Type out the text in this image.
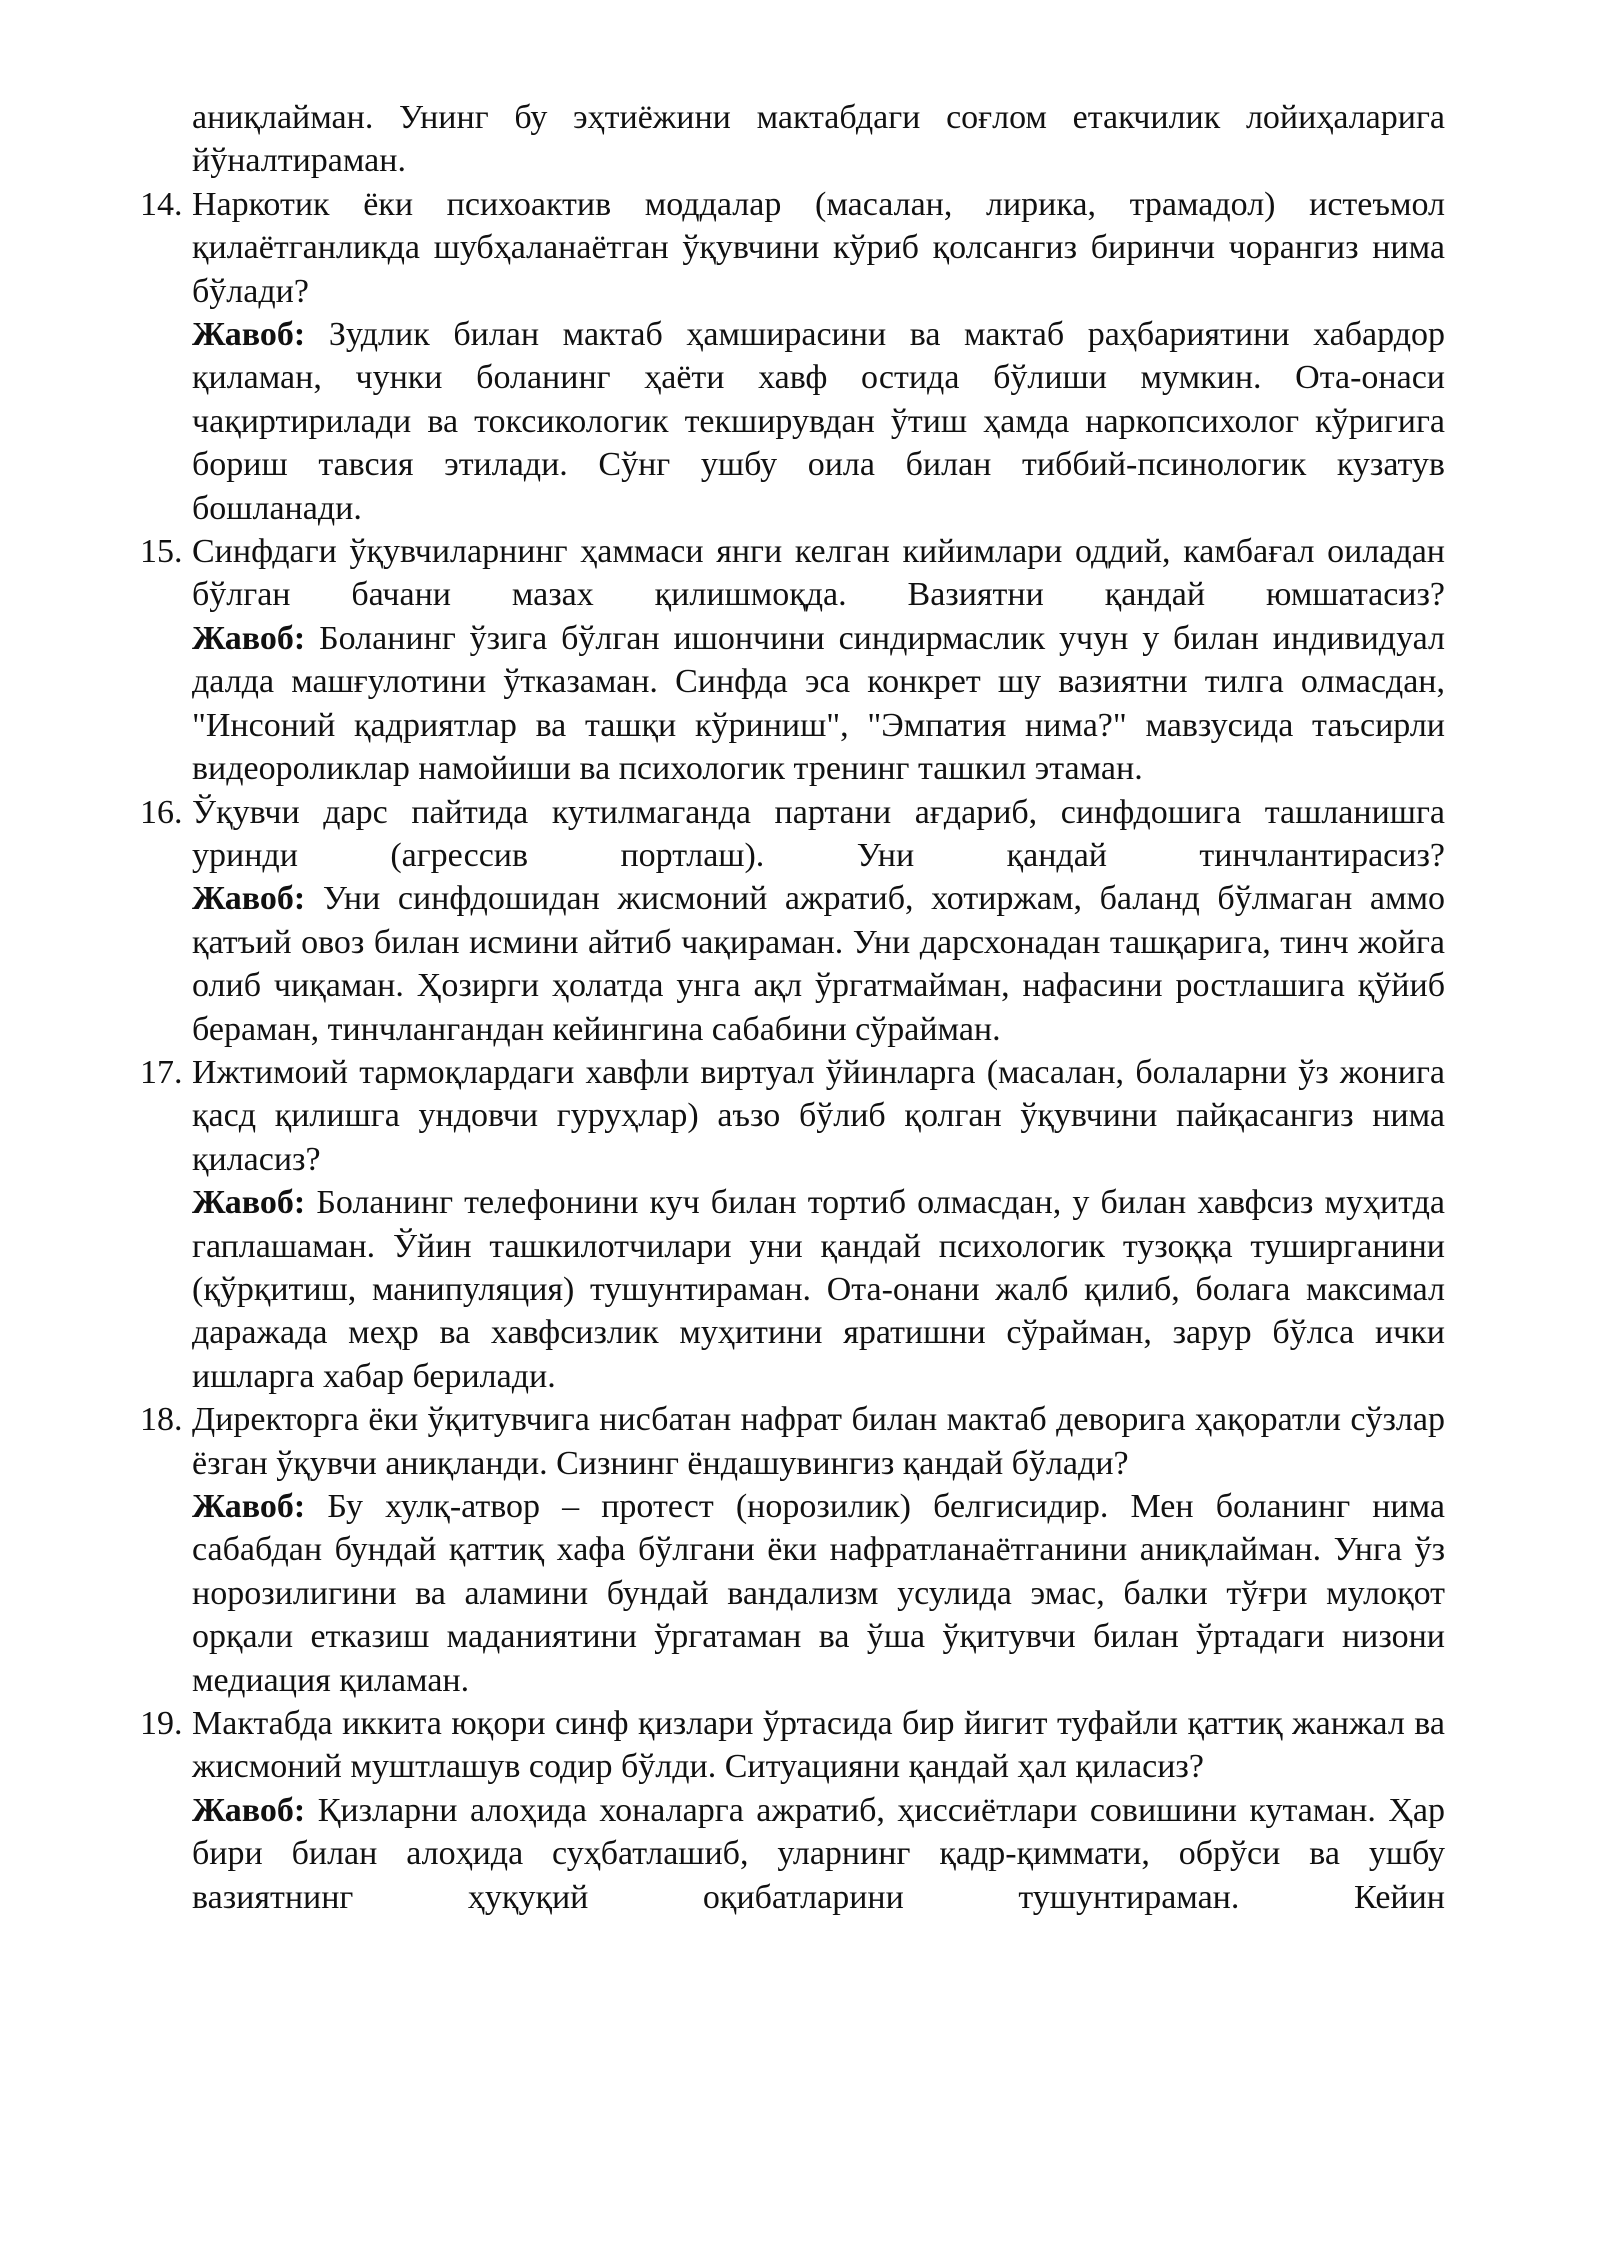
аниқлайман. Унинг бу эҳтиёжини мактабдаги соғлом етакчилик лойиҳаларига йўналтираман.

14. Наркотик ёки психоактив моддалар (масалан, лирика, трамадол) истеъмол қилаётганликда шубҳаланаётган ўқувчини кўриб қолсангиз биринчи чорангиз нима бўлади?
Жавоб: Зудлик билан мактаб ҳамширасини ва мактаб раҳбариятини хабардор қиламан, чунки боланинг ҳаёти хавф остида бўлиши мумкин. Ота-онаси чақиртирилади ва токсикологик текширувдан ўтиш ҳамда наркопсихолог кўригига бориш тавсия этилади. Сўнг ушбу оила билан тиббий-псинологик кузатув бошланади.
15. Синфдаги ўқувчиларнинг ҳаммаси янги келган кийимлари оддий, камбағал оиладан бўлган бачани мазах қилишмоқда. Вазиятни қандай юмшатасиз?
Жавоб: Боланинг ўзига бўлган ишончини синдирмаслик учун у билан индивидуал далда машғулотини ўтказаман. Синфда эса конкрет шу вазиятни тилга олмасдан, "Инсоний қадриятлар ва ташқи кўриниш", "Эмпатия нима?" мавзусида таъсирли видеороликлар намойиши ва психологик тренинг ташкил этаман.
16. Ўқувчи дарс пайтида кутилмаганда партани ағдариб, синфдошига ташланишга уринди (агрессив портлаш). Уни қандай тинчлантирасиз?
Жавоб: Уни синфдошидан жисмоний ажратиб, хотиржам, баланд бўлмаган аммо қатъий овоз билан исмини айтиб чақираман. Уни дарсхонадан ташқарига, тинч жойга олиб чиқаман. Ҳозирги ҳолатда унга ақл ўргатмайман, нафасини ростлашига қўйиб бераман, тинчлангандан кейингина сабабини сўрайман.
17. Ижтимоий тармоқлардаги хавфли виртуал ўйинларга (масалан, болаларни ўз жонига қасд қилишга ундовчи гуруҳлар) аъзо бўлиб қолган ўқувчини пайқасангиз нима қиласиз?
Жавоб: Боланинг телефонини куч билан тортиб олмасдан, у билан хавфсиз муҳитда гаплашаман. Ўйин ташкилотчилари уни қандай психологик тузоққа туширганини (қўрқитиш, манипуляция) тушунтираман. Ота-онани жалб қилиб, болага максимал даражада меҳр ва хавфсизлик муҳитини яратишни сўрайман, зарур бўлса ички ишларга хабар берилади.
18. Директорга ёки ўқитувчига нисбатан нафрат билан мактаб деворига ҳақоратли сўзлар ёзган ўқувчи аниқланди. Сизнинг ёндашувингиз қандай бўлади?
Жавоб: Бу хулқ-атвор – протест (норозилик) белгисидир. Мен боланинг нима сабабдан бундай қаттиқ хафа бўлгани ёки нафратланаётганини аниқлайман. Унга ўз норозилигини ва аламини бундай вандализм усулида эмас, балки тўғри мулоқот орқали етказиш маданиятини ўргатаман ва ўша ўқитувчи билан ўртадаги низони медиация қиламан.
19. Мактабда иккита юқори синф қизлари ўртасида бир йигит туфайли қаттиқ жанжал ва жисмоний муштлашув содир бўлди. Ситуацияни қандай ҳал қиласиз?
Жавоб: Қизларни алоҳида хоналарга ажратиб, ҳиссиётлари совишини кутаман. Ҳар бири билан алоҳида суҳбатлашиб, уларнинг қадр-қиммати, обрўси ва ушбу вазиятнинг ҳуқуқий оқибатларини тушунтираман. Кейин
